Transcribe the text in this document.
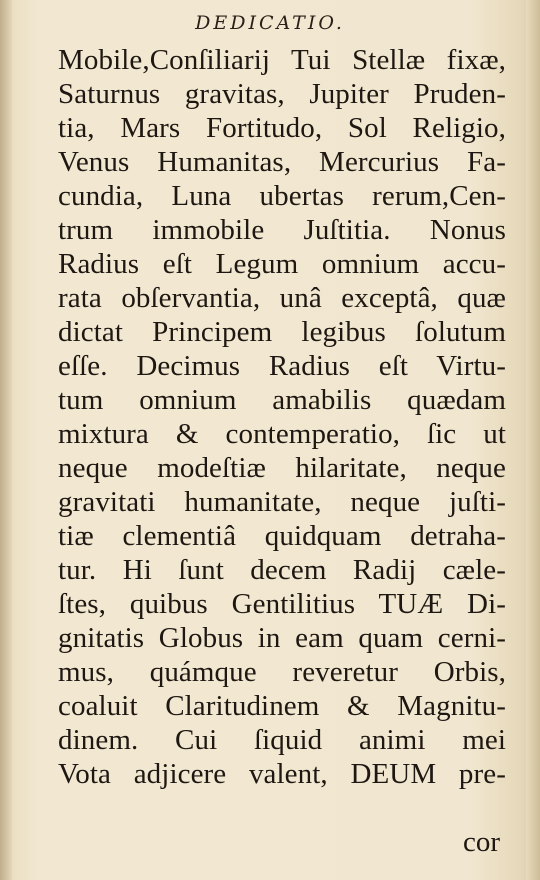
DEDICATIO.
Mobile,Conſiliarij Tui Stellæ fixæ,
Saturnus gravitas, Jupiter Pruden-
tia, Mars Fortitudo, Sol Religio,
Venus Humanitas, Mercurius Fa-
cundia, Luna ubertas rerum,Cen-
trum immobile Juſtitia. Nonus
Radius eſt Legum omnium accu-
rata obſervantia, unâ exceptâ, quæ
dictat Principem legibus ſolutum
eſſe. Decimus Radius eſt Virtu-
tum omnium amabilis quædam
mixtura & contemperatio, ſic ut
neque modeſtiæ hilaritate, neque
gravitati humanitate, neque juſti-
tiæ clementiâ quidquam detraha-
tur. Hi ſunt decem Radij cæle-
ſtes, quibus Gentilitius TUÆ Di-
gnitatis Globus in eam quam cerni-
mus, quámque reveretur Orbis,
coaluit Claritudinem & Magnitu-
dinem. Cui ſiquid animi mei
Vota adjicere valent, DEUM pre-
cor
